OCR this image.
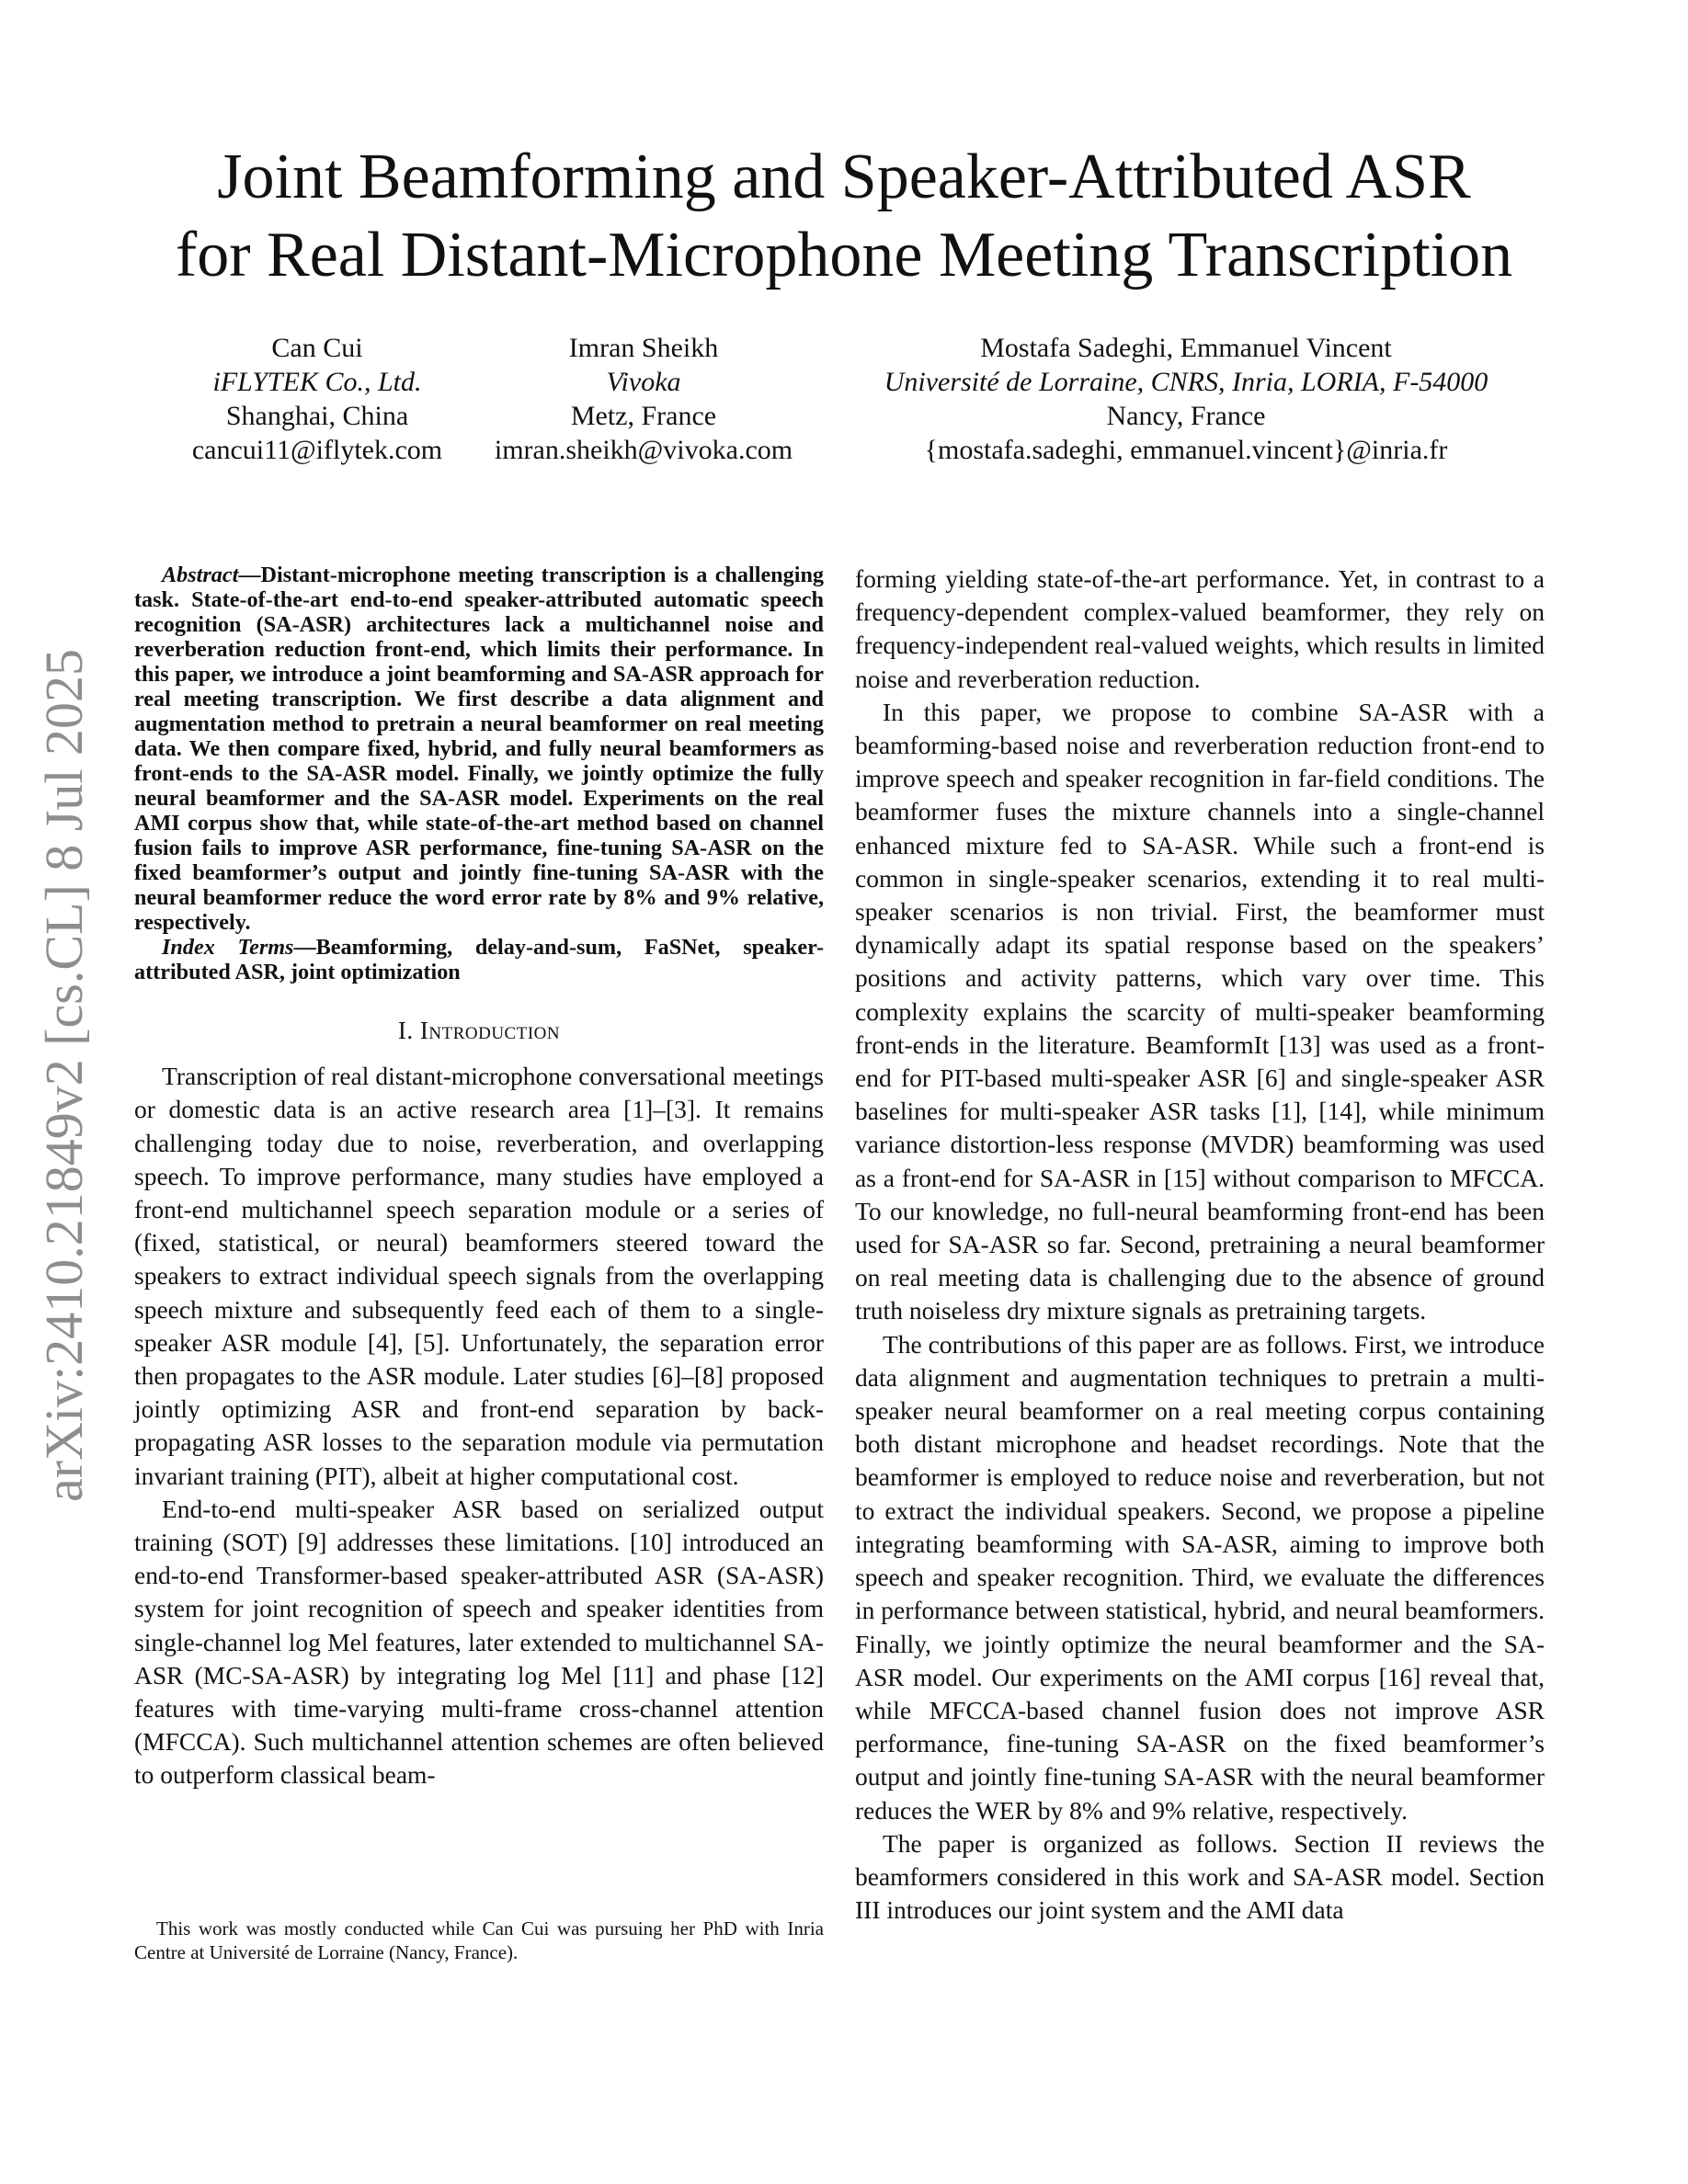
Joint Beamforming and Speaker-Attributed ASR
for Real Distant-Microphone Meeting Transcription
Can Cui
iFLYTEK Co., Ltd.
Shanghai, China
cancui11@iflytek.com
Imran Sheikh
Vivoka
Metz, France
imran.sheikh@vivoka.com
Mostafa Sadeghi, Emmanuel Vincent
Université de Lorraine, CNRS, Inria, LORIA, F-54000
Nancy, France
{mostafa.sadeghi, emmanuel.vincent}@inria.fr
arXiv:2410.21849v2 [cs.CL] 8 Jul 2025

Abstract—Distant-microphone meeting transcription is a challenging task. State-of-the-art end-to-end speaker-attributed automatic speech recognition (SA-ASR) architectures lack a multichannel noise and reverberation reduction front-end, which limits their performance. In this paper, we introduce a joint beamforming and SA-ASR approach for real meeting transcription. We first describe a data alignment and augmentation method to pretrain a neural beamformer on real meeting data. We then compare fixed, hybrid, and fully neural beamformers as front-ends to the SA-ASR model. Finally, we jointly optimize the fully neural beamformer and the SA-ASR model. Experiments on the real AMI corpus show that, while state-of-the-art method based on channel fusion fails to improve ASR performance, fine-tuning SA-ASR on the fixed beamformer’s output and jointly fine-tuning SA-ASR with the neural beamformer reduce the word error rate by 8% and 9% relative, respectively.

Index Terms—Beamforming, delay-and-sum, FaSNet, speaker-attributed ASR, joint optimization

I. Introduction

Transcription of real distant-microphone conversational meetings or domestic data is an active research area [1]–[3]. It remains challenging today due to noise, reverberation, and overlapping speech. To improve performance, many studies have employed a front-end multichannel speech separation module or a series of (fixed, statistical, or neural) beamformers steered toward the speakers to extract individual speech signals from the overlapping speech mixture and subsequently feed each of them to a single-speaker ASR module [4], [5]. Unfortunately, the separation error then propagates to the ASR module. Later studies [6]–[8] proposed jointly optimizing ASR and front-end separation by back-propagating ASR losses to the separation module via permutation invariant training (PIT), albeit at higher computational cost.

End-to-end multi-speaker ASR based on serialized output training (SOT) [9] addresses these limitations. [10] introduced an end-to-end Transformer-based speaker-attributed ASR (SA-ASR) system for joint recognition of speech and speaker identities from single-channel log Mel features, later extended to multichannel SA-ASR (MC-SA-ASR) by integrating log Mel [11] and phase [12] features with time-varying multi-frame cross-channel attention (MFCCA). Such multichannel attention schemes are often believed to outperform classical beam-

forming yielding state-of-the-art performance. Yet, in contrast to a frequency-dependent complex-valued beamformer, they rely on frequency-independent real-valued weights, which results in limited noise and reverberation reduction.

In this paper, we propose to combine SA-ASR with a beamforming-based noise and reverberation reduction front-end to improve speech and speaker recognition in far-field conditions. The beamformer fuses the mixture channels into a single-channel enhanced mixture fed to SA-ASR. While such a front-end is common in single-speaker scenarios, extending it to real multi-speaker scenarios is non trivial. First, the beamformer must dynamically adapt its spatial response based on the speakers’ positions and activity patterns, which vary over time. This complexity explains the scarcity of multi-speaker beamforming front-ends in the literature. BeamformIt [13] was used as a front-end for PIT-based multi-speaker ASR [6] and single-speaker ASR baselines for multi-speaker ASR tasks [1], [14], while minimum variance distortion-less response (MVDR) beamforming was used as a front-end for SA-ASR in [15] without comparison to MFCCA. To our knowledge, no full-neural beamforming front-end has been used for SA-ASR so far. Second, pretraining a neural beamformer on real meeting data is challenging due to the absence of ground truth noiseless dry mixture signals as pretraining targets.

The contributions of this paper are as follows. First, we introduce data alignment and augmentation techniques to pretrain a multi-speaker neural beamformer on a real meeting corpus containing both distant microphone and headset recordings. Note that the beamformer is employed to reduce noise and reverberation, but not to extract the individual speakers. Second, we propose a pipeline integrating beamforming with SA-ASR, aiming to improve both speech and speaker recognition. Third, we evaluate the differences in performance between statistical, hybrid, and neural beamformers. Finally, we jointly optimize the neural beamformer and the SA-ASR model. Our experiments on the AMI corpus [16] reveal that, while MFCCA-based channel fusion does not improve ASR performance, fine-tuning SA-ASR on the fixed beamformer’s output and jointly fine-tuning SA-ASR with the neural beamformer reduces the WER by 8% and 9% relative, respectively.

The paper is organized as follows. Section II reviews the beamformers considered in this work and SA-ASR model. Section III introduces our joint system and the AMI data

This work was mostly conducted while Can Cui was pursuing her PhD with Inria Centre at Université de Lorraine (Nancy, France).
